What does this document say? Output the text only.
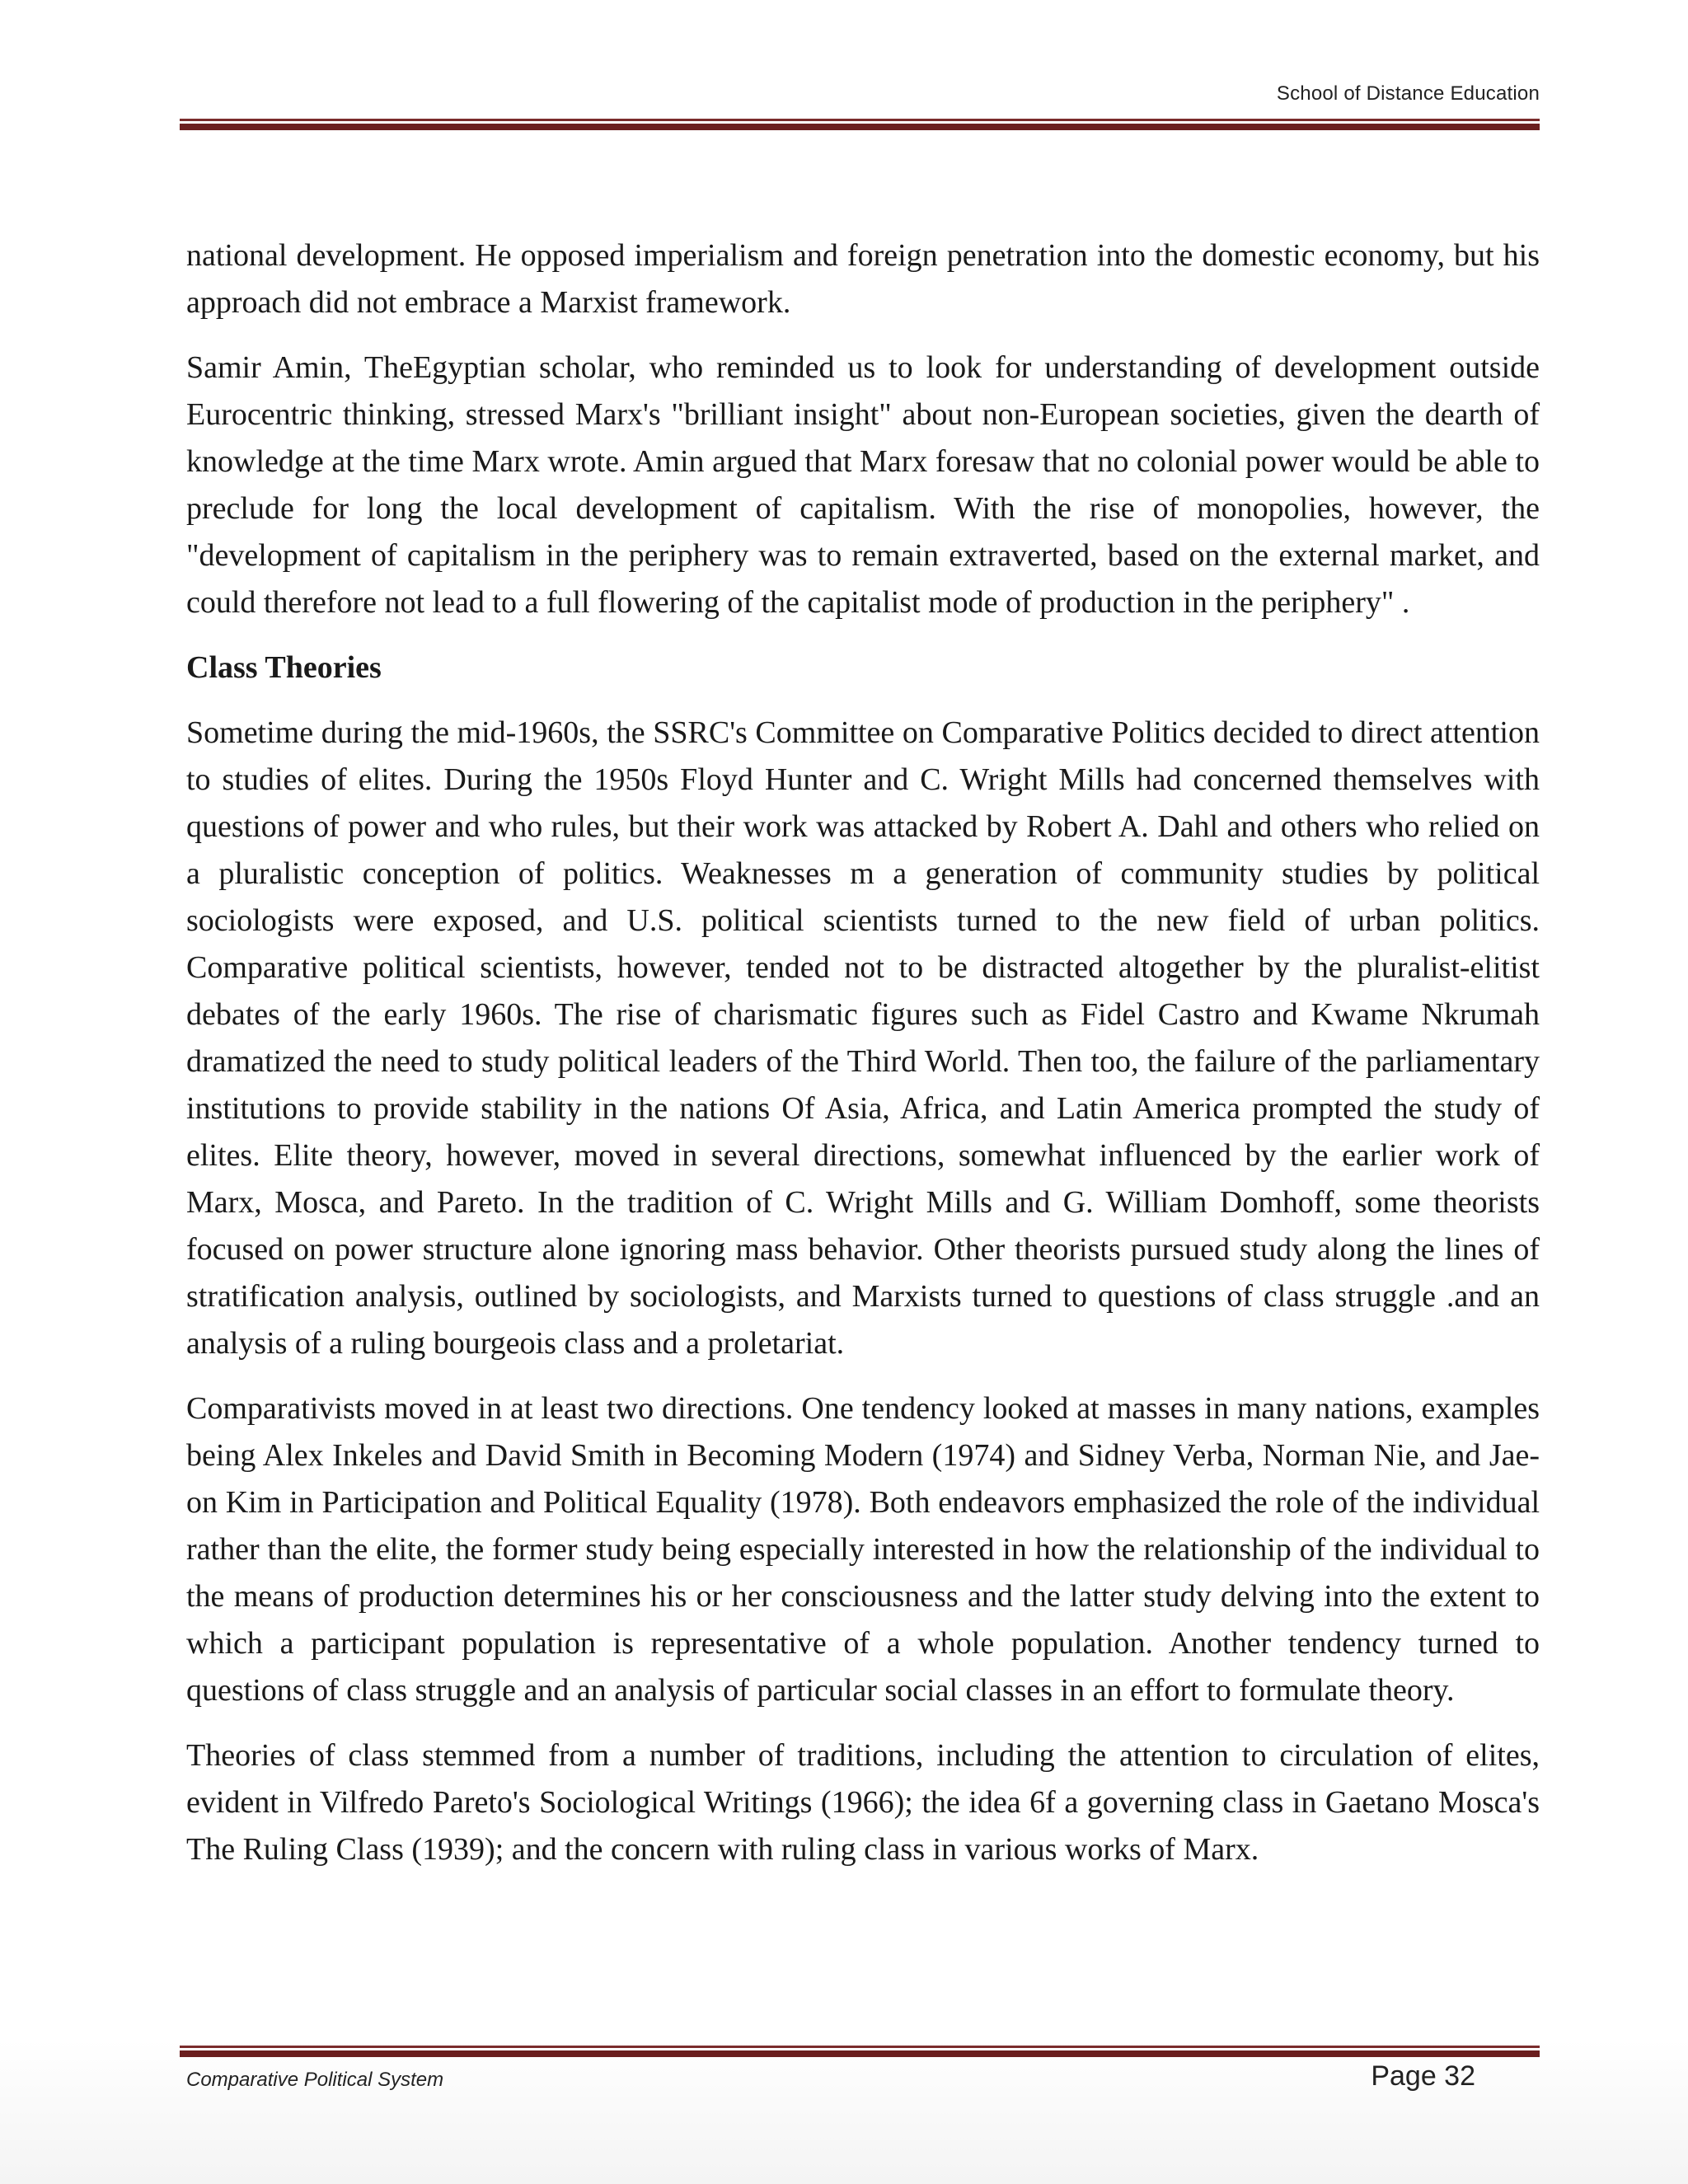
School of Distance Education

national development. He opposed imperialism and foreign penetration into the domestic economy, but his approach did not embrace a Marxist framework.

Samir Amin, TheEgyptian scholar, who reminded us to look for understanding of development outside Eurocentric thinking, stressed Marx's "brilliant insight" about non-European societies, given the dearth of knowledge at the time Marx wrote. Amin argued that Marx foresaw that no colonial power would be able to preclude for long the local development of capitalism. With the rise of monopolies, however, the "development of capitalism in the periphery was to remain extraverted, based on the external market, and could therefore not lead to a full flowering of the capitalist mode of production in the periphery" .

Class Theories

Sometime during the mid-1960s, the SSRC's Committee on Comparative Politics decided to direct attention to studies of elites. During the 1950s Floyd Hunter and C. Wright Mills had concerned themselves with questions of power and who rules, but their work was attacked by Robert A. Dahl and others who relied on a pluralistic conception of politics. Weaknesses m a generation of community studies by political sociologists were exposed, and U.S. political scientists turned to the new field of urban politics. Comparative political scientists, however, tended not to be distracted altogether by the pluralist-elitist debates of the early 1960s. The rise of charismatic figures such as Fidel Castro and Kwame Nkrumah dramatized the need to study political leaders of the Third World. Then too, the failure of the parliamentary institutions to provide stability in the nations Of Asia, Africa, and Latin America prompted the study of elites. Elite theory, however, moved in several directions, somewhat influenced by the earlier work of Marx, Mosca, and Pareto. In the tradition of C. Wright Mills and G. William Domhoff, some theorists focused on power structure alone ignoring mass behavior. Other theorists pursued study along the lines of stratification analysis, outlined by sociologists, and Marxists turned to questions of class struggle .and an analysis of a ruling bourgeois class and a proletariat.

Comparativists moved in at least two directions. One tendency looked at masses in many nations, examples being Alex Inkeles and David Smith in Becoming Modern (1974) and Sidney Verba, Norman Nie, and Jae-on Kim in Participation and Political Equality (1978). Both endeavors emphasized the role of the individual rather than the elite, the former study being especially interested in how the relationship of the individual to the means of production determines his or her consciousness and the latter study delving into the extent to which a participant population is representative of a whole population. Another tendency turned to questions of class struggle and an analysis of particular social classes in an effort to formulate theory.

Theories of class stemmed from a number of traditions, including the attention to circulation of elites, evident in Vilfredo Pareto's Sociological Writings (1966); the idea 6f a governing class in Gaetano Mosca's The Ruling Class (1939); and the concern with ruling class in various works of Marx.

Comparative Political System	Page 32
